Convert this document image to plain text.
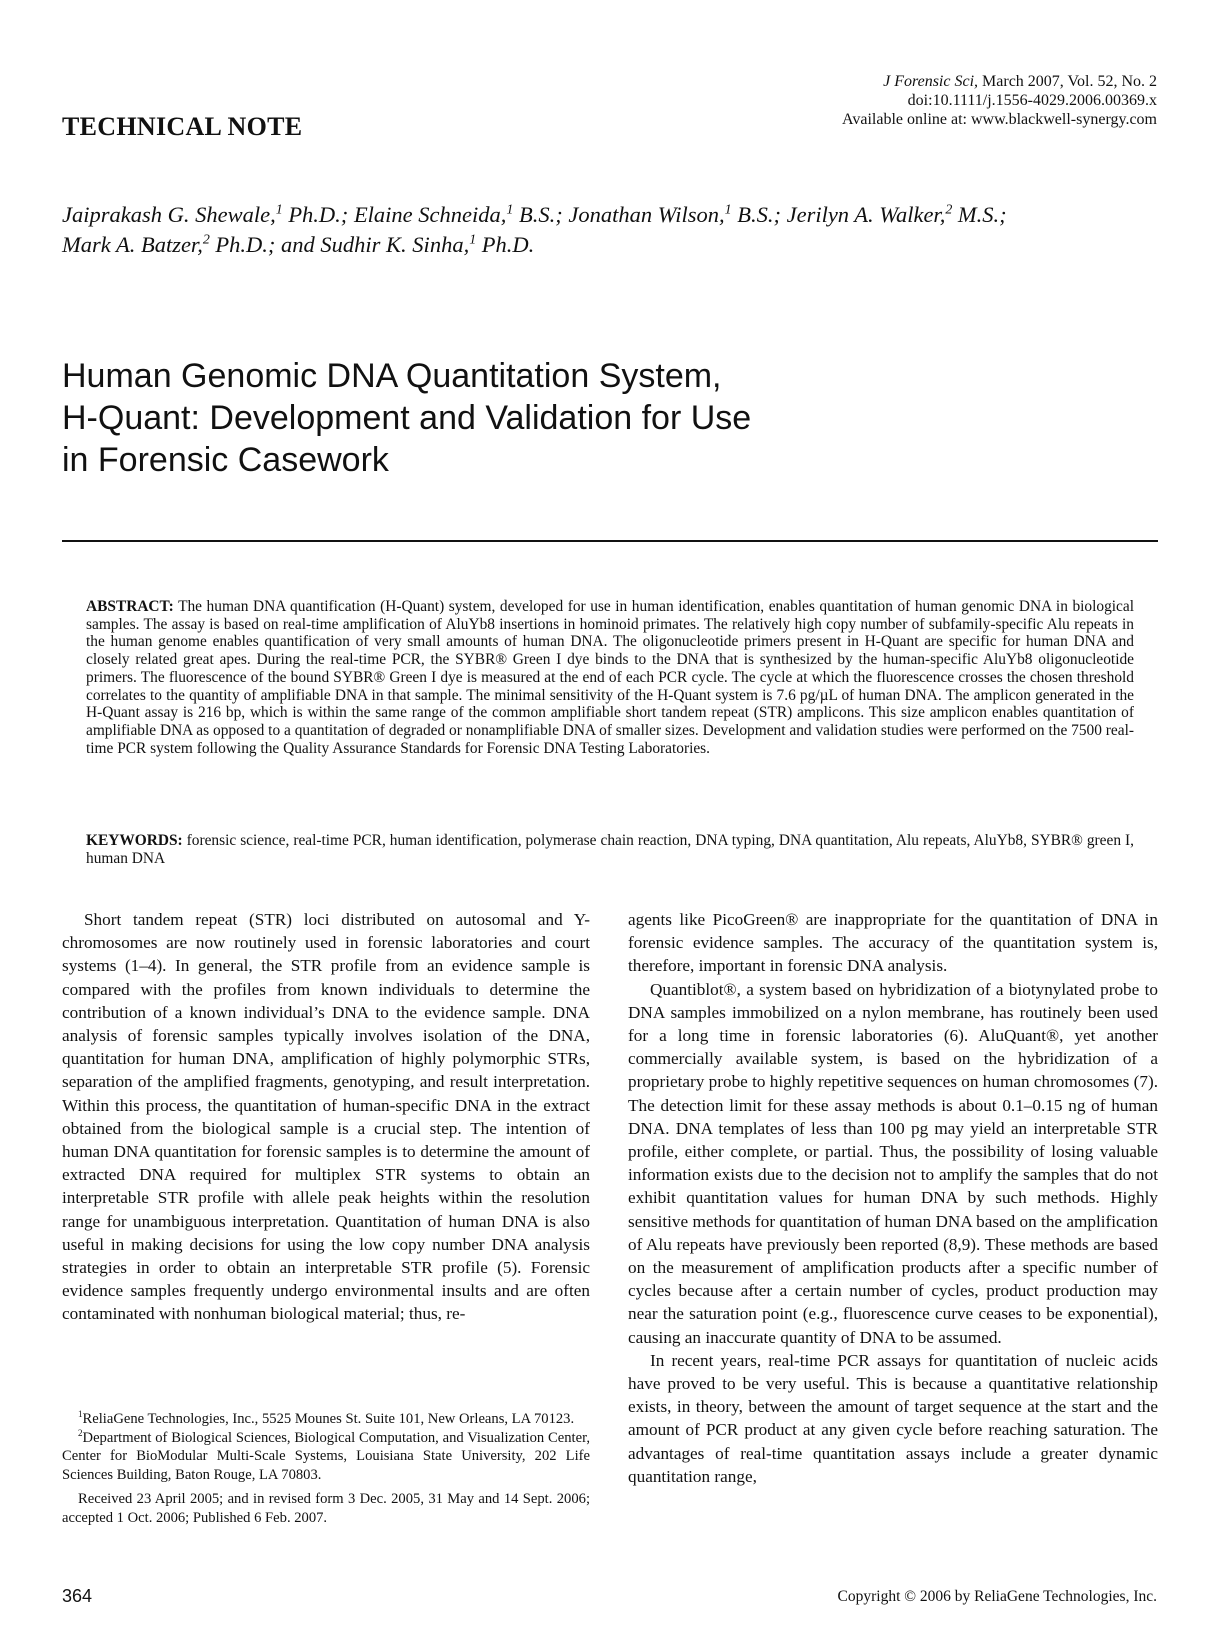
TECHNICAL NOTE
J Forensic Sci, March 2007, Vol. 52, No. 2
doi:10.1111/j.1556-4029.2006.00369.x
Available online at: www.blackwell-synergy.com
Jaiprakash G. Shewale,$^1$ Ph.D.; Elaine Schneida,$^1$ B.S.; Jonathan Wilson,$^1$ B.S.; Jerilyn A. Walker,$^2$ M.S.;
Mark A. Batzer,$^2$ Ph.D.; and Sudhir K. Sinha,$^1$ Ph.D.
Human Genomic DNA Quantitation System,
H-Quant: Development and Validation for Use
in Forensic Casework
ABSTRACT: The human DNA quantification (H-Quant) system, developed for use in human identification, enables quantitation of human genomic DNA in biological samples. The assay is based on real-time amplification of AluYb8 insertions in hominoid primates. The relatively high copy number of subfamily-specific Alu repeats in the human genome enables quantification of very small amounts of human DNA. The oligonucleotide primers present in H-Quant are specific for human DNA and closely related great apes. During the real-time PCR, the SYBR® Green I dye binds to the DNA that is synthesized by the human-specific AluYb8 oligonucleotide primers. The fluorescence of the bound SYBR® Green I dye is measured at the end of each PCR cycle. The cycle at which the fluorescence crosses the chosen threshold correlates to the quantity of amplifiable DNA in that sample. The minimal sensitivity of the H-Quant system is 7.6 pg/µL of human DNA. The amplicon generated in the H-Quant assay is 216 bp, which is within the same range of the common amplifiable short tandem repeat (STR) amplicons. This size amplicon enables quantitation of amplifiable DNA as opposed to a quantitation of degraded or nonamplifiable DNA of smaller sizes. Development and validation studies were performed on the 7500 real-time PCR system following the Quality Assurance Standards for Forensic DNA Testing Laboratories.
KEYWORDS: forensic science, real-time PCR, human identification, polymerase chain reaction, DNA typing, DNA quantitation, Alu repeats, AluYb8, SYBR® green I, human DNA

Short tandem repeat (STR) loci distributed on autosomal and Y-chromosomes are now routinely used in forensic laboratories and court systems (1–4). In general, the STR profile from an evidence sample is compared with the profiles from known individuals to determine the contribution of a known individual’s DNA to the evidence sample. DNA analysis of forensic samples typically involves isolation of the DNA, quantitation for human DNA, amplification of highly polymorphic STRs, separation of the amplified fragments, genotyping, and result interpretation. Within this process, the quantitation of human-specific DNA in the extract obtained from the biological sample is a crucial step. The intention of human DNA quantitation for forensic samples is to determine the amount of extracted DNA required for multiplex STR systems to obtain an interpretable STR profile with allele peak heights within the resolution range for unambiguous interpretation. Quantitation of human DNA is also useful in making decisions for using the low copy number DNA analysis strategies in order to obtain an interpretable STR profile (5). Forensic evidence samples frequently undergo environmental insults and are often contaminated with nonhuman biological material; thus, re-

agents like PicoGreen® are inappropriate for the quantitation of DNA in forensic evidence samples. The accuracy of the quantitation system is, therefore, important in forensic DNA analysis.

Quantiblot®, a system based on hybridization of a biotynylated probe to DNA samples immobilized on a nylon membrane, has routinely been used for a long time in forensic laboratories (6). AluQuant®, yet another commercially available system, is based on the hybridization of a proprietary probe to highly repetitive sequences on human chromosomes (7). The detection limit for these assay methods is about 0.1–0.15 ng of human DNA. DNA templates of less than 100 pg may yield an interpretable STR profile, either complete, or partial. Thus, the possibility of losing valuable information exists due to the decision not to amplify the samples that do not exhibit quantitation values for human DNA by such methods. Highly sensitive methods for quantitation of human DNA based on the amplification of Alu repeats have previously been reported (8,9). These methods are based on the measurement of amplification products after a specific number of cycles because after a certain number of cycles, product production may near the saturation point (e.g., fluorescence curve ceases to be exponential), causing an inaccurate quantity of DNA to be assumed.

In recent years, real-time PCR assays for quantitation of nucleic acids have proved to be very useful. This is because a quantitative relationship exists, in theory, between the amount of target sequence at the start and the amount of PCR product at any given cycle before reaching saturation. The advantages of real-time quantitation assays include a greater dynamic quantitation range,

$^1$ReliaGene Technologies, Inc., 5525 Mounes St. Suite 101, New Orleans, LA 70123.

$^2$Department of Biological Sciences, Biological Computation, and Visualization Center, Center for BioModular Multi-Scale Systems, Louisiana State University, 202 Life Sciences Building, Baton Rouge, LA 70803.

Received 23 April 2005; and in revised form 3 Dec. 2005, 31 May and 14 Sept. 2006; accepted 1 Oct. 2006; Published 6 Feb. 2007.

364	Copyright © 2006 by ReliaGene Technologies, Inc.
